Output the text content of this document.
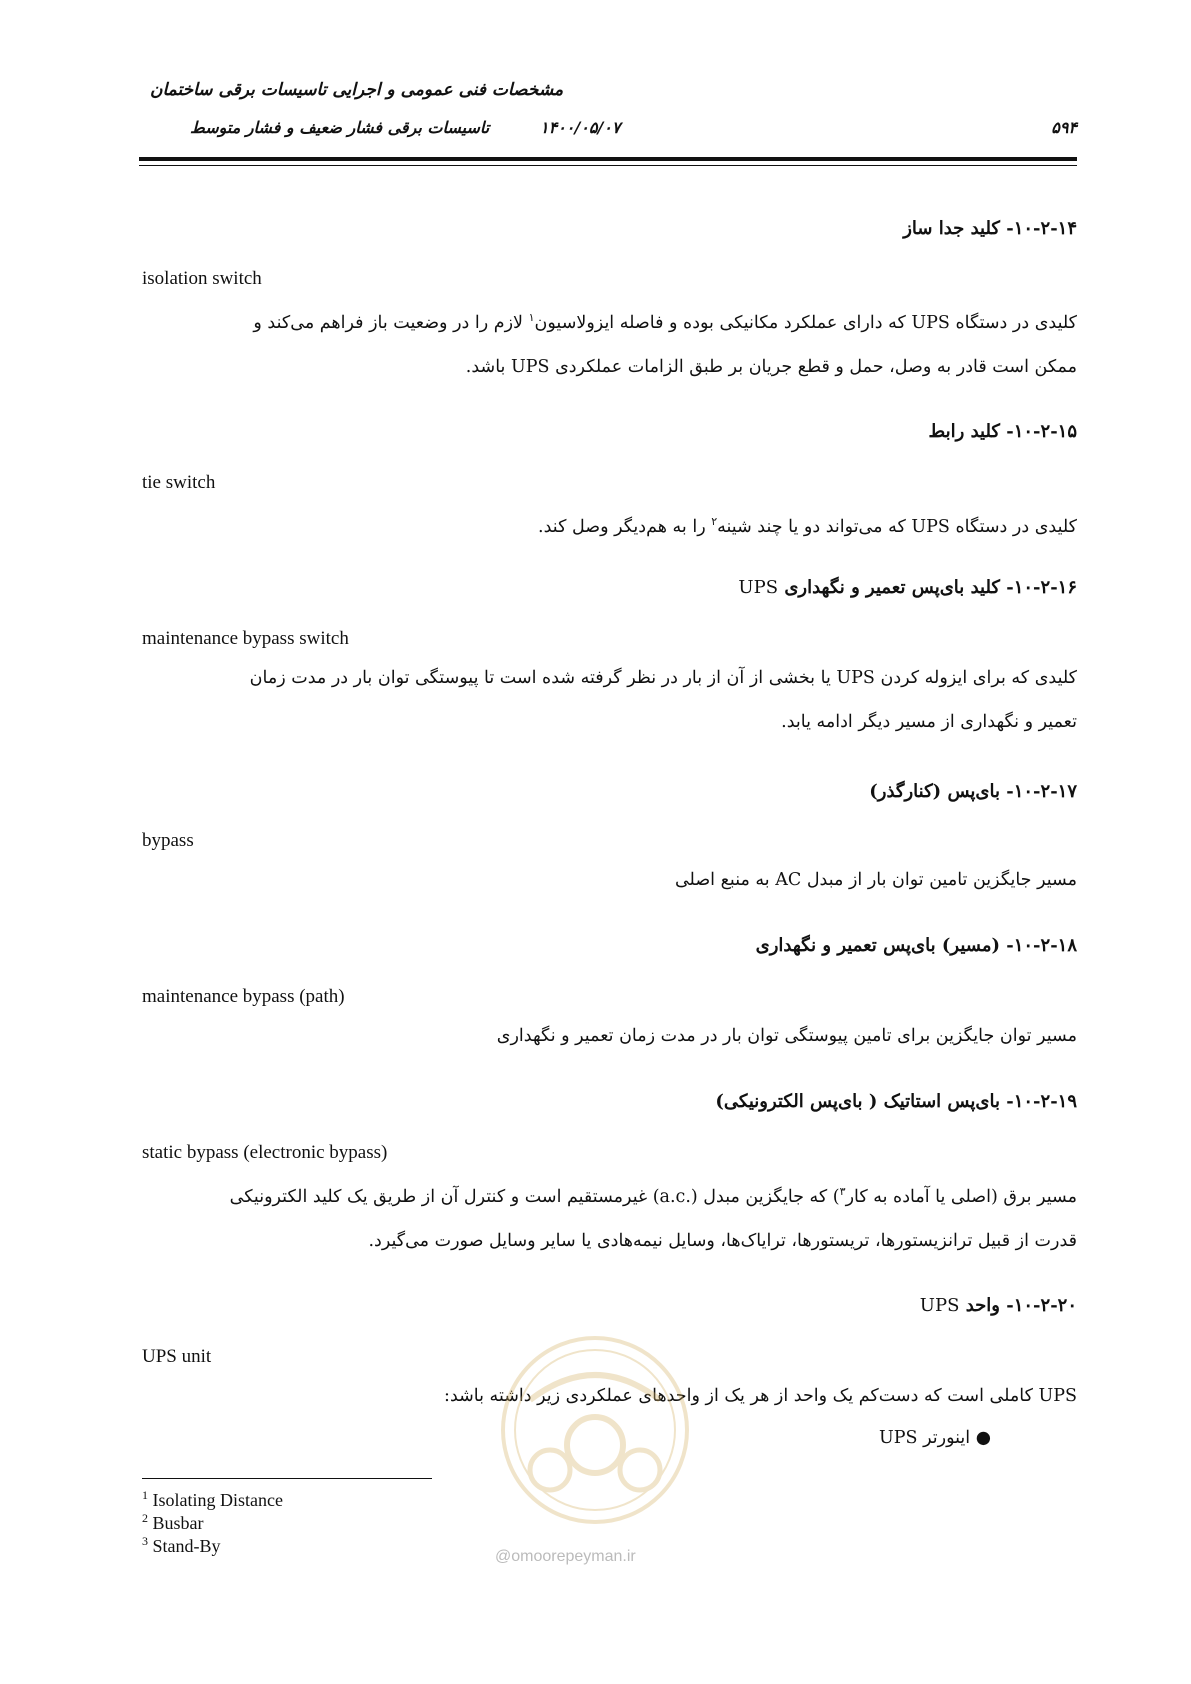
مشخصات فنی عمومی و اجرایی تاسیسات برقی ساختمان
تاسیسات برقی فشار ضعیف و فشار متوسط	۱۴۰۰/۰۵/۰۷	۵۹۴
۱۰-۲-۱۴- کلید جدا ساز
isolation switch
کلیدی در دستگاه UPS که دارای عملکرد مکانیکی بوده و فاصله ایزولاسیون$^۱$ لازم را در وضعیت باز فراهم می‌کند و
ممکن است قادر به وصل، حمل و قطع جریان بر طبق الزامات عملکردی UPS باشد.
۱۰-۲-۱۵- کلید رابط
tie switch
کلیدی در دستگاه UPS که می‌تواند دو یا چند شینه$^۲$ را به هم‌دیگر وصل کند.
۱۰-۲-۱۶- کلید بای‌پس تعمیر و نگهداری UPS
maintenance bypass switch
کلیدی که برای ایزوله کردن UPS یا بخشی از آن از بار در نظر گرفته شده است تا پیوستگی توان بار در مدت زمان
تعمیر و نگهداری از مسیر دیگر ادامه یابد.
۱۰-۲-۱۷- بای‌پس (کنارگذر)
bypass
مسیر جایگزین تامین توان بار از مبدل AC به منبع اصلی
۱۰-۲-۱۸- (مسیر) بای‌پس تعمیر و نگهداری
maintenance bypass (path)
مسیر توان جایگزین برای تامین پیوستگی توان بار در مدت زمان تعمیر و نگهداری
۱۰-۲-۱۹- بای‌پس استاتیک ( بای‌پس الکترونیکی)
static bypass (electronic bypass)
مسیر برق (اصلی یا آماده به کار$^۳$) که جایگزین مبدل (.a.c) غیرمستقیم است و کنترل آن از طریق یک کلید الکترونیکی
قدرت از قبیل ترانزیستورها، تریستورها، ترایاک‌ها، وسایل نیمه‌هادی یا سایر وسایل صورت می‌گیرد.
۱۰-۲-۲۰- واحد UPS
UPS unit
UPS کاملی است که دست‌کم یک واحد از هر یک از واحدهای عملکردی زیر داشته باشد:
● اینورتر UPS
@omoorepeyman.ir
$^1$ Isolating Distance
$^2$ Busbar
$^3$ Stand-By
